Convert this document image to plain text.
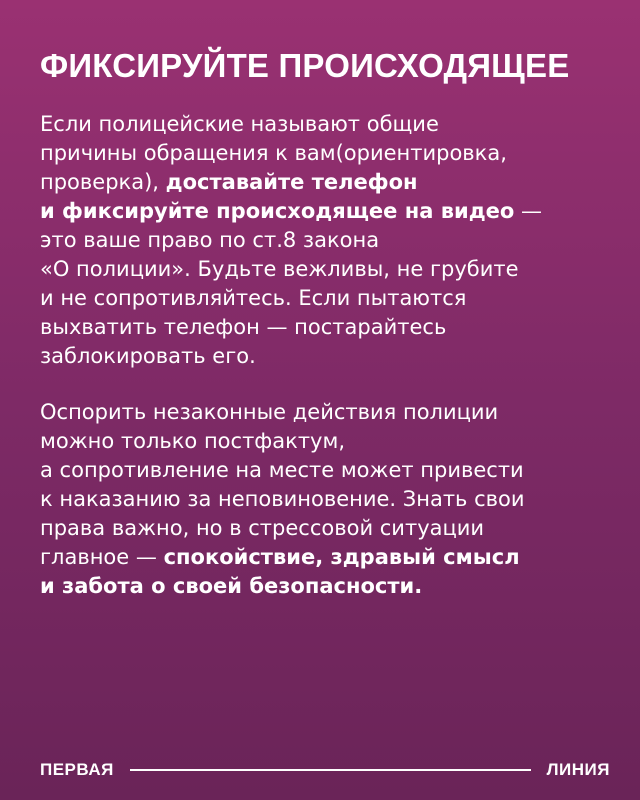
ФИКСИРУЙТЕ ПРОИСХОДЯЩЕЕ

Если полицейские называют общие
причины обращения к вам(ориентировка,
проверка), доставайте телефон
и фиксируйте происходящее на видео —
это ваше право по ст.8 закона
«О полиции». Будьте вежливы, не грубите
и не сопротивляйтесь. Если пытаются
выхватить телефон — постарайтесь
заблокировать его.

Оспорить незаконные действия полиции
можно только постфактум,
а сопротивление на месте может привести
к наказанию за неповиновение. Знать свои
права важно, но в стрессовой ситуации
главное — спокойствие, здравый смысл
и забота о своей безопасности.

ПЕРВАЯ	ЛИНИЯ
